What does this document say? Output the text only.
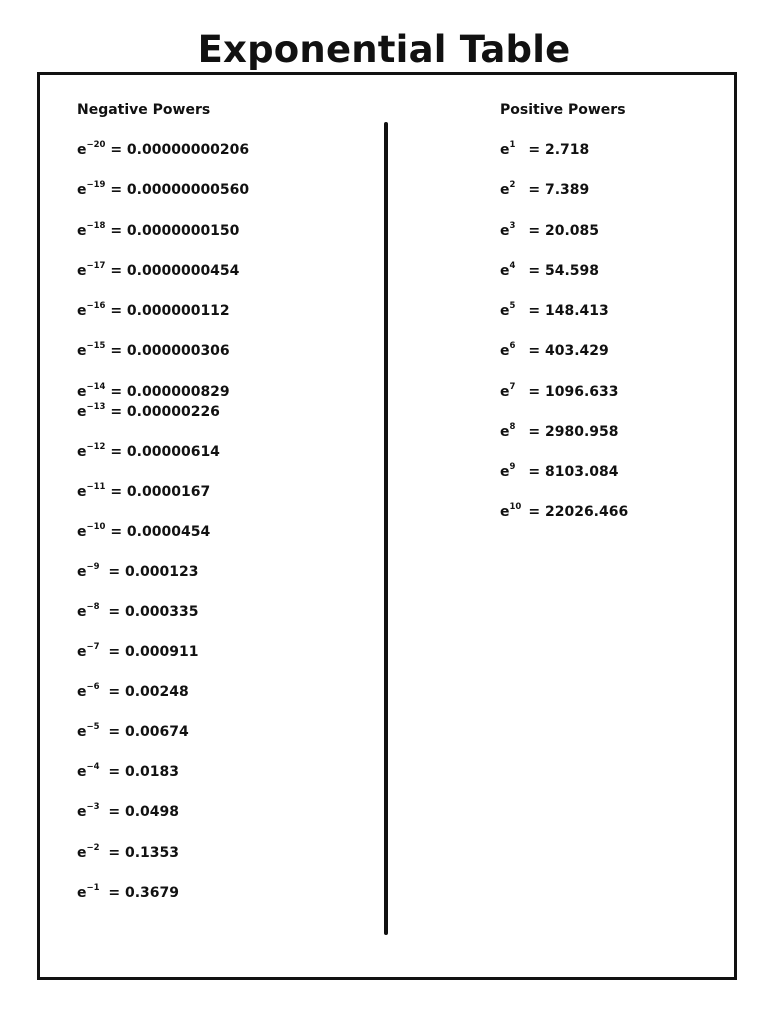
Exponential Table
Negative Powers	Positive Powers
$e^{-20} = 0.00000000206$
$e^{-19} = 0.00000000560$
$e^{-18} = 0.0000000150$
$e^{-17} = 0.0000000454$
$e^{-16} = 0.000000112$
$e^{-15} = 0.000000306$
$e^{-14} = 0.000000829$
$e^{-13} = 0.00000226$
$e^{-12} = 0.00000614$
$e^{-11} = 0.0000167$
$e^{-10} = 0.0000454$
$e^{-9} = 0.000123$
$e^{-8} = 0.000335$
$e^{-7} = 0.000911$
$e^{-6} = 0.00248$
$e^{-5} = 0.00674$
$e^{-4} = 0.0183$
$e^{-3} = 0.0498$
$e^{-2} = 0.1353$
$e^{-1} = 0.3679$
$e^1 = 2.718$
$e^2 = 7.389$
$e^3 = 20.085$
$e^4 = 54.598$
$e^5 = 148.413$
$e^6 = 403.429$
$e^7 = 1096.633$
$e^8 = 2980.958$
$e^9 = 8103.084$
$e^{10} = 22026.466$
